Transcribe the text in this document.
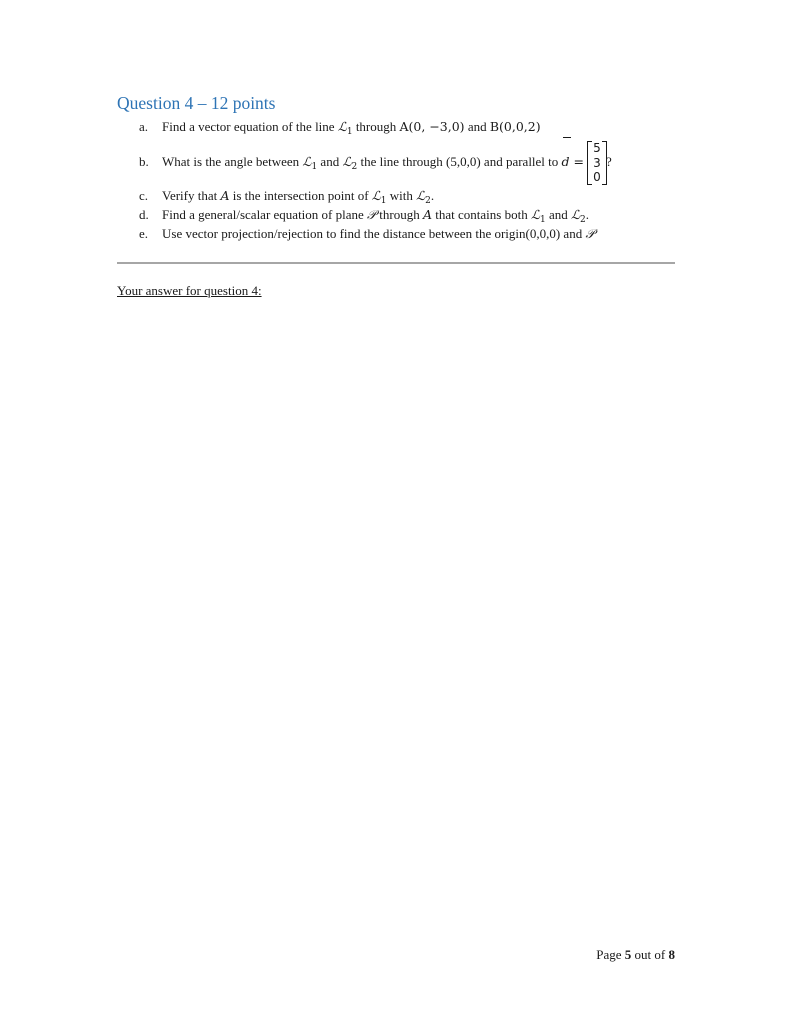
Question 4 – 12 points
a. Find a vector equation of the line ℒ$_1$ through A(0, −3,0) and B(0,0,2)
b. What is the angle between ℒ$_1$ and ℒ$_2$ the line through (5,0,0) and parallel to d =
5
3
0
?
c. Verify that A is the intersection point of ℒ$_1$ with ℒ$_2$.
d. Find a general/scalar equation of plane 𝒫 through A that contains both ℒ$_1$ and ℒ$_2$.
e. Use vector projection/rejection to find the distance between the origin(0,0,0) and 𝒫
Your answer for question 4:
Page 5 out of 8
